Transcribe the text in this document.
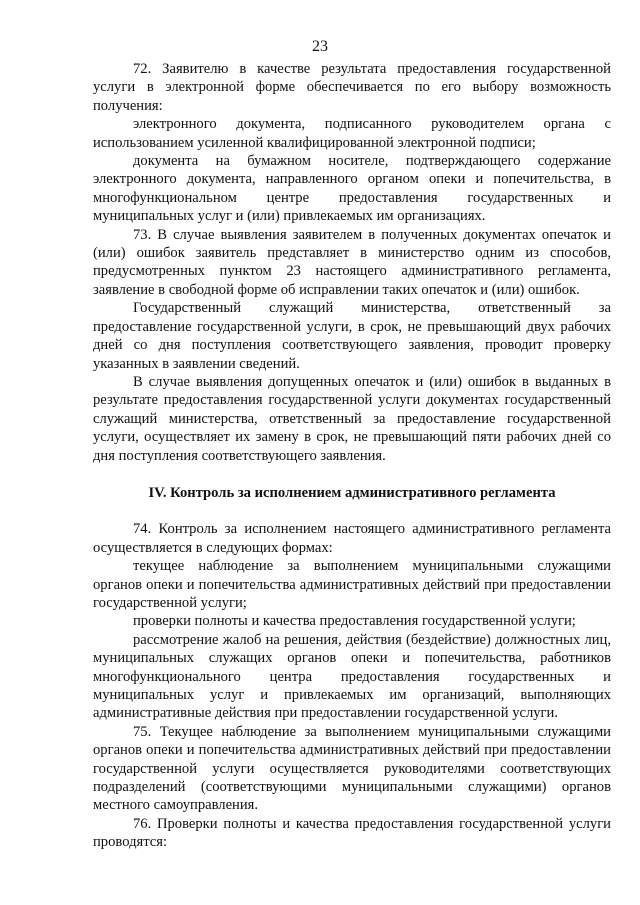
23

72. Заявителю в качестве результата предоставления государственной услуги в электронной форме обеспечивается по его выбору возможность получения:

электронного документа, подписанного руководителем органа с использованием усиленной квалифицированной электронной подписи;

документа на бумажном носителе, подтверждающего содержание электронного документа, направленного органом опеки и попечительства, в многофункциональном центре предоставления государственных и муниципальных услуг и (или) привлекаемых им организациях.

73. В случае выявления заявителем в полученных документах опечаток и (или) ошибок заявитель представляет в министерство одним из способов, предусмотренных пунктом 23 настоящего административного регламента, заявление в свободной форме об исправлении таких опечаток и (или) ошибок.

Государственный служащий министерства, ответственный за предоставление государственной услуги, в срок, не превышающий двух рабочих дней со дня поступления соответствующего заявления, проводит проверку указанных в заявлении сведений.

В случае выявления допущенных опечаток и (или) ошибок в выданных в результате предоставления государственной услуги документах государственный служащий министерства, ответственный за предоставление государственной услуги, осуществляет их замену в срок, не превышающий пяти рабочих дней со дня поступления соответствующего заявления.

IV. Контроль за исполнением административного регламента

74. Контроль за исполнением настоящего административного регламента осуществляется в следующих формах:

текущее наблюдение за выполнением муниципальными служащими органов опеки и попечительства административных действий при предоставлении государственной услуги;

проверки полноты и качества предоставления государственной услуги;

рассмотрение жалоб на решения, действия (бездействие) должностных лиц, муниципальных служащих органов опеки и попечительства, работников многофункционального центра предоставления государственных и муниципальных услуг и привлекаемых им организаций, выполняющих административные действия при предоставлении государственной услуги.

75. Текущее наблюдение за выполнением муниципальными служащими органов опеки и попечительства административных действий при предоставлении государственной услуги осуществляется руководителями соответствующих подразделений (соответствующими муниципальными служащими) органов местного самоуправления.

76. Проверки полноты и качества предоставления государственной услуги проводятся:
